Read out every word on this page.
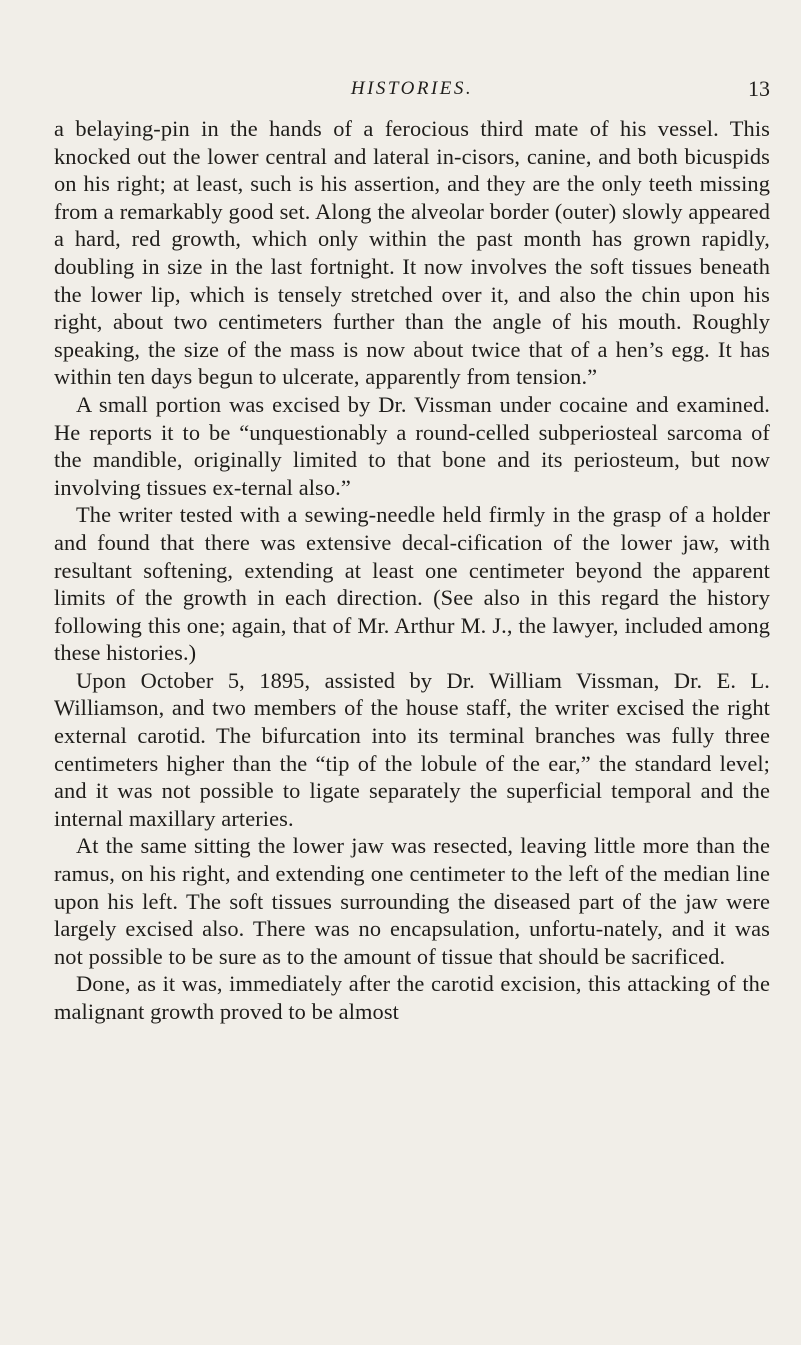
HISTORIES.	13

a belaying-pin in the hands of a ferocious third mate of his vessel. This knocked out the lower central and lateral in-cisors, canine, and both bicuspids on his right; at least, such is his assertion, and they are the only teeth missing from a remarkably good set. Along the alveolar border (outer) slowly appeared a hard, red growth, which only within the past month has grown rapidly, doubling in size in the last fortnight. It now involves the soft tissues beneath the lower lip, which is tensely stretched over it, and also the chin upon his right, about two centimeters further than the angle of his mouth. Roughly speaking, the size of the mass is now about twice that of a hen’s egg. It has within ten days begun to ulcerate, apparently from tension.”

A small portion was excised by Dr. Vissman under cocaine and examined. He reports it to be “unquestionably a round-celled subperiosteal sarcoma of the mandible, originally limited to that bone and its periosteum, but now involving tissues ex-ternal also.”

The writer tested with a sewing-needle held firmly in the grasp of a holder and found that there was extensive decal-cification of the lower jaw, with resultant softening, extending at least one centimeter beyond the apparent limits of the growth in each direction. (See also in this regard the history following this one; again, that of Mr. Arthur M. J., the lawyer, included among these histories.)

Upon October 5, 1895, assisted by Dr. William Vissman, Dr. E. L. Williamson, and two members of the house staff, the writer excised the right external carotid. The bifurcation into its terminal branches was fully three centimeters higher than the “tip of the lobule of the ear,” the standard level; and it was not possible to ligate separately the superficial temporal and the internal maxillary arteries.

At the same sitting the lower jaw was resected, leaving little more than the ramus, on his right, and extending one centimeter to the left of the median line upon his left. The soft tissues surrounding the diseased part of the jaw were largely excised also. There was no encapsulation, unfortu-nately, and it was not possible to be sure as to the amount of tissue that should be sacrificed.

Done, as it was, immediately after the carotid excision, this attacking of the malignant growth proved to be almost
